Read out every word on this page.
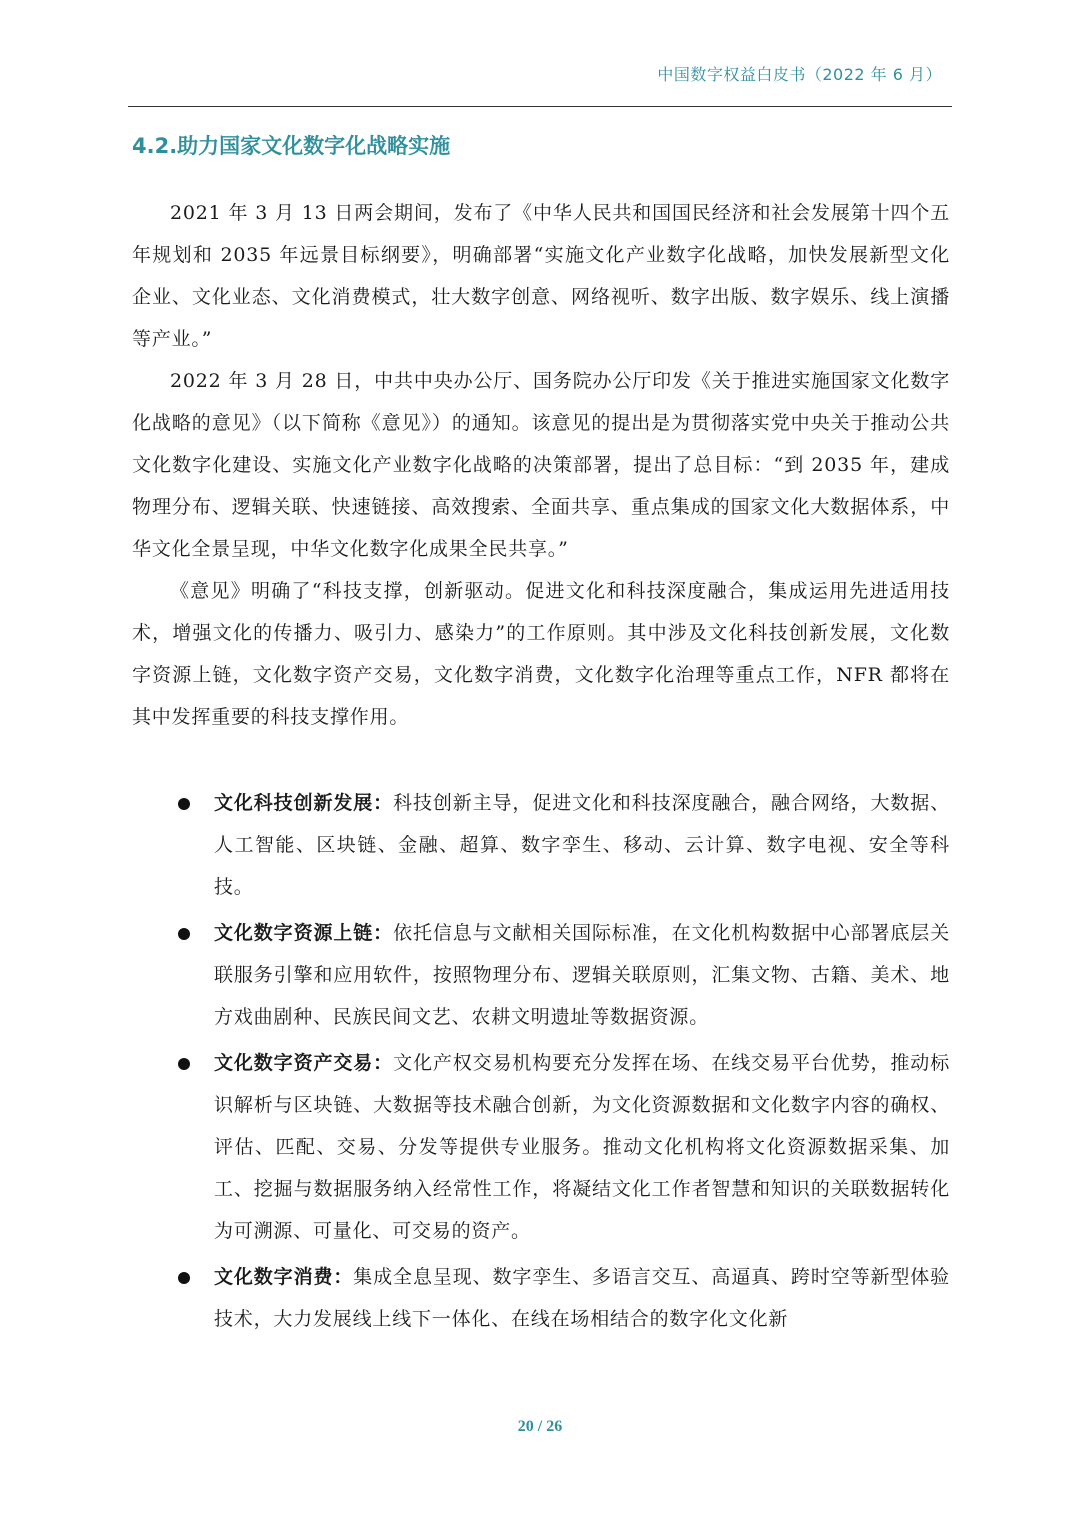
中国数字权益白皮书（2022 年 6 月）
4.2.助力国家文化数字化战略实施

2021 年 3 月 13 日两会期间，发布了《中华人民共和国国民经济和社会发展第十四个五年规划和 2035 年远景目标纲要》，明确部署“实施文化产业数字化战略，加快发展新型文化企业、文化业态、文化消费模式，壮大数字创意、网络视听、数字出版、数字娱乐、线上演播等产业。”

2022 年 3 月 28 日，中共中央办公厅、国务院办公厅印发《关于推进实施国家文化数字化战略的意见》（以下简称《意见》）的通知。该意见的提出是为贯彻落实党中央关于推动公共文化数字化建设、实施文化产业数字化战略的决策部署，提出了总目标：“到 2035 年，建成物理分布、逻辑关联、快速链接、高效搜索、全面共享、重点集成的国家文化大数据体系，中华文化全景呈现，中华文化数字化成果全民共享。”

《意见》明确了“科技支撑，创新驱动。促进文化和科技深度融合，集成运用先进适用技术，增强文化的传播力、吸引力、感染力”的工作原则。其中涉及文化科技创新发展，文化数字资源上链，文化数字资产交易，文化数字消费，文化数字化治理等重点工作，NFR 都将在其中发挥重要的科技支撑作用。

文化科技创新发展：科技创新主导，促进文化和科技深度融合，融合网络，大数据、人工智能、区块链、金融、超算、数字孪生、移动、云计算、数字电视、安全等科技。
文化数字资源上链：依托信息与文献相关国际标准，在文化机构数据中心部署底层关联服务引擎和应用软件，按照物理分布、逻辑关联原则，汇集文物、古籍、美术、地方戏曲剧种、民族民间文艺、农耕文明遗址等数据资源。
文化数字资产交易：文化产权交易机构要充分发挥在场、在线交易平台优势，推动标识解析与区块链、大数据等技术融合创新，为文化资源数据和文化数字内容的确权、评估、匹配、交易、分发等提供专业服务。推动文化机构将文化资源数据采集、加工、挖掘与数据服务纳入经常性工作，将凝结文化工作者智慧和知识的关联数据转化为可溯源、可量化、可交易的资产。
文化数字消费：集成全息呈现、数字孪生、多语言交互、高逼真、跨时空等新型体验技术，大力发展线上线下一体化、在线在场相结合的数字化文化新
20 / 26
